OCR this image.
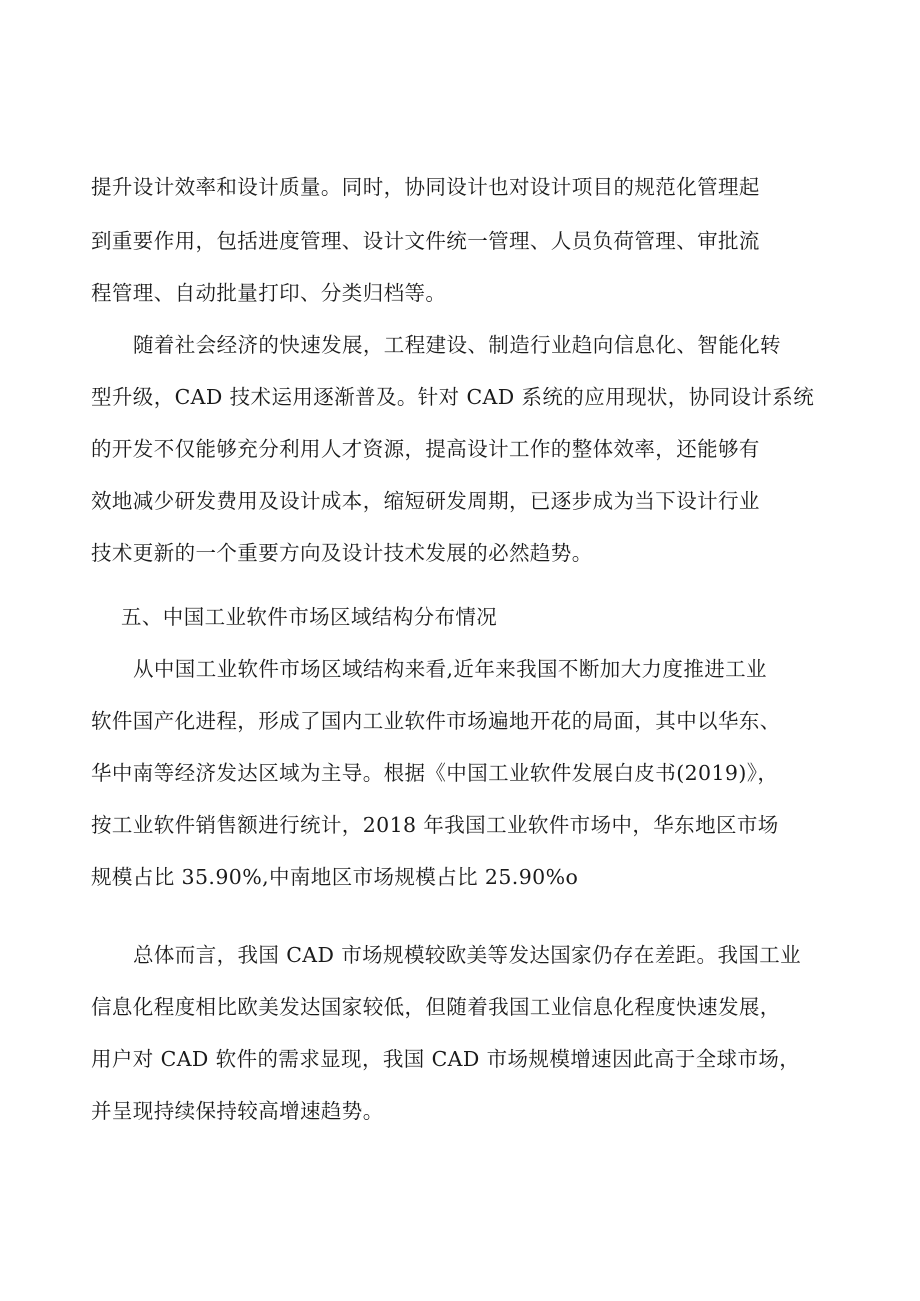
提升设计效率和设计质量。同时，协同设计也对设计项目的规范化管理起
到重要作用，包括进度管理、设计文件统一管理、人员负荷管理、审批流
程管理、自动批量打印、分类归档等。
随着社会经济的快速发展，工程建设、制造行业趋向信息化、智能化转
型升级，CAD 技术运用逐渐普及。针对 CAD 系统的应用现状，协同设计系统
的开发不仅能够充分利用人才资源，提高设计工作的整体效率，还能够有
效地减少研发费用及设计成本，缩短研发周期，已逐步成为当下设计行业
技术更新的一个重要方向及设计技术发展的必然趋势。
五、中国工业软件市场区域结构分布情况
从中国工业软件市场区域结构来看,近年来我国不断加大力度推进工业
软件国产化进程，形成了国内工业软件市场遍地开花的局面，其中以华东、
华中南等经济发达区域为主导。根据《中国工业软件发展白皮书(2019)》，
按工业软件销售额进行统计，2018 年我国工业软件市场中，华东地区市场
规模占比 35.90%,中南地区市场规模占比 25.90%o
总体而言，我国 CAD 市场规模较欧美等发达国家仍存在差距。我国工业
信息化程度相比欧美发达国家较低，但随着我国工业信息化程度快速发展，
用户对 CAD 软件的需求显现，我国 CAD 市场规模增速因此高于全球市场，
并呈现持续保持较高增速趋势。
